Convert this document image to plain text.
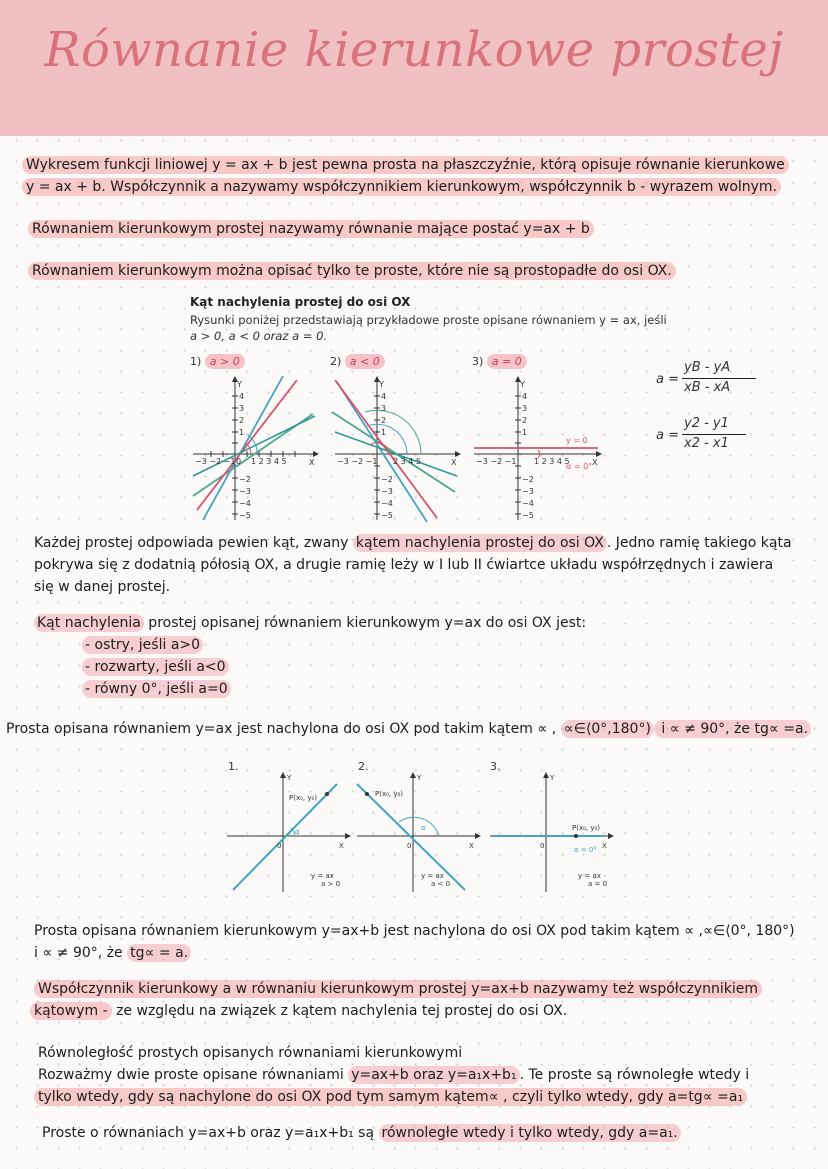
Równanie kierunkowe prostej
Wykresem funkcji liniowej y = ax + b jest pewna prosta na płaszczyźnie, którą opisuje równanie kierunkowe
y = ax + b. Współczynnik a nazywamy współczynnikiem kierunkowym, współczynnik b - wyrazem wolnym.
Równaniem kierunkowym prostej nazywamy równanie mające postać y=ax + b
Równaniem kierunkowym można opisać tylko te proste, które nie są prostopadłe do osi OX.
Kąt nachylenia prostej do osi OX
Rysunki poniżej przedstawiają przykładowe proste opisane równaniem y = ax, jeśli
a > 0, a < 0 oraz a = 0.
1) a > 0	2) a < 0	3) a = 0
Y
X
4
3
2
1
−2
−3
−4
−5
−3 −2 −1 0 1 2 3 4 5
Y
X
4
3
2
1
−2
−3
−4
−5
−3 −2 −1 2 3 4 5
Y
X
4
3
2
1
−2
−3
−4
−5
−3 −2 −1 1 2 3 4 5
y = 0
α = 0°
a =
yB - yA
xB - xA
a =
y2 - y1
x2 - x1
Każdej prostej odpowiada pewien kąt, zwany kątem nachylenia prostej do osi OX . Jedno ramię takiego kąta
pokrywa się z dodatnią półosią OX, a drugie ramię leży w I lub II ćwiartce układu współrzędnych i zawiera
się w danej prostej.
Kąt nachylenia prostej opisanej równaniem kierunkowym y=ax do osi OX jest:
- ostry, jeśli a>0
- rozwarty, jeśli a<0
- równy 0°, jeśli a=0
Prosta opisana równaniem y=ax jest nachylona do osi OX pod takim kątem ∝ , ∝∈⟨0°,180°) i ∝ ≠ 90°, że tg∝ =a.
1.	2.	3.
Y
X
0
P(x₀, y₀)
α
y = ax
a > 0
Y
X
0
P(x₀, y₀)
α
y = ax
a < 0
Y
X
0
P(x₀, y₀)
α = 0°
y = ax
a = 0
Prosta opisana równaniem kierunkowym y=ax+b jest nachylona do osi OX pod takim kątem ∝ ,∝∈⟨0°, 180°)
i ∝ ≠ 90°, że tg∝ = a.
Współczynnik kierunkowy a w równaniu kierunkowym prostej y=ax+b nazywamy też współczynnikiem
kątowym - ze względu na związek z kątem nachylenia tej prostej do osi OX.
Równoległość prostych opisanych równaniami kierunkowymi
Rozważmy dwie proste opisane równaniami y=ax+b oraz y=a₁x+b₁ . Te proste są równoległe wtedy i
tylko wtedy, gdy są nachylone do osi OX pod tym samym kątem∝ , czyli tylko wtedy, gdy a=tg∝ =a₁
Proste o równaniach y=ax+b oraz y=a₁x+b₁ są równoległe wtedy i tylko wtedy, gdy a=a₁.
